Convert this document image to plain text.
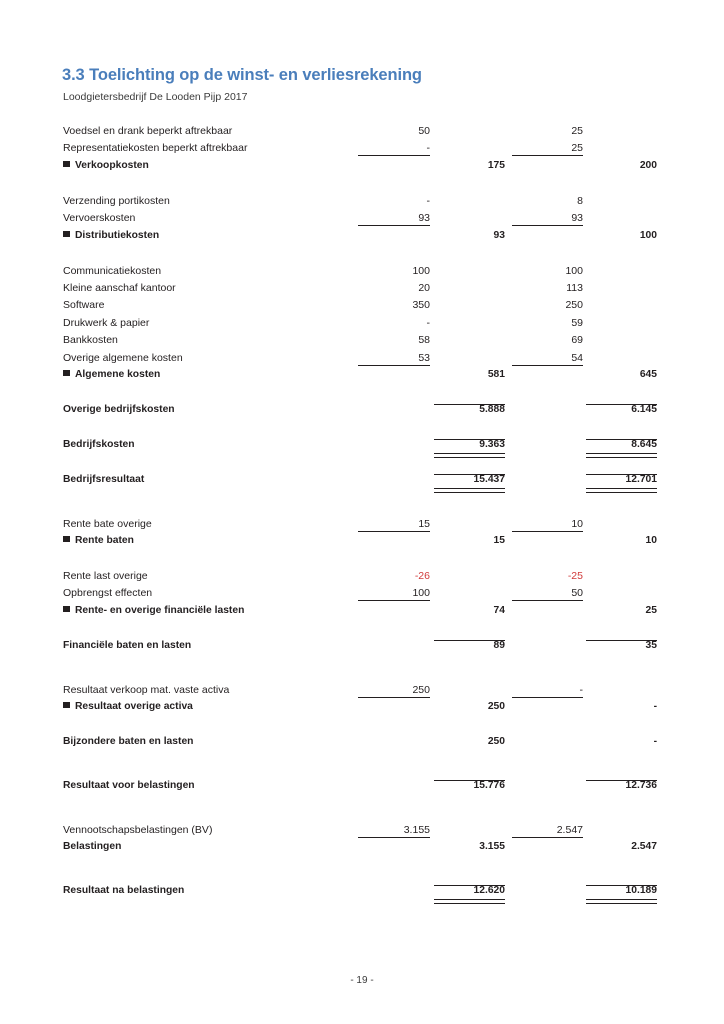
3.3 Toelichting op de winst- en verliesrekening
Loodgietersbedrijf De Looden Pijp 2017
Voedsel en drank beperkt aftrekbaar	50	25
Representatiekosten beperkt aftrekbaar	-	25
Verkoopkosten	175	200
Verzending portikosten	-	8
Vervoerskosten	93	93
Distributiekosten	93	100
Communicatiekosten	100	100
Kleine aanschaf kantoor	20	113
Software	350	250
Drukwerk & papier	-	59
Bankkosten	58	69
Overige algemene kosten	53	54
Algemene kosten	581	645
Overige bedrijfskosten	5.888	6.145
Bedrijfskosten	9.363	8.645
Bedrijfsresultaat	15.437	12.701
Rente bate overige	15	10
Rente baten	15	10
Rente last overige	-26	-25
Opbrengst effecten	100	50
Rente- en overige financiële lasten	74	25
Financiële baten en lasten	89	35
Resultaat verkoop mat. vaste activa	250	-
Resultaat overige activa	250	-
Bijzondere baten en lasten	250	-
Resultaat voor belastingen	15.776	12.736
Vennootschapsbelastingen (BV)	3.155	2.547
Belastingen	3.155	2.547
Resultaat na belastingen	12.620	10.189
- 19 -
